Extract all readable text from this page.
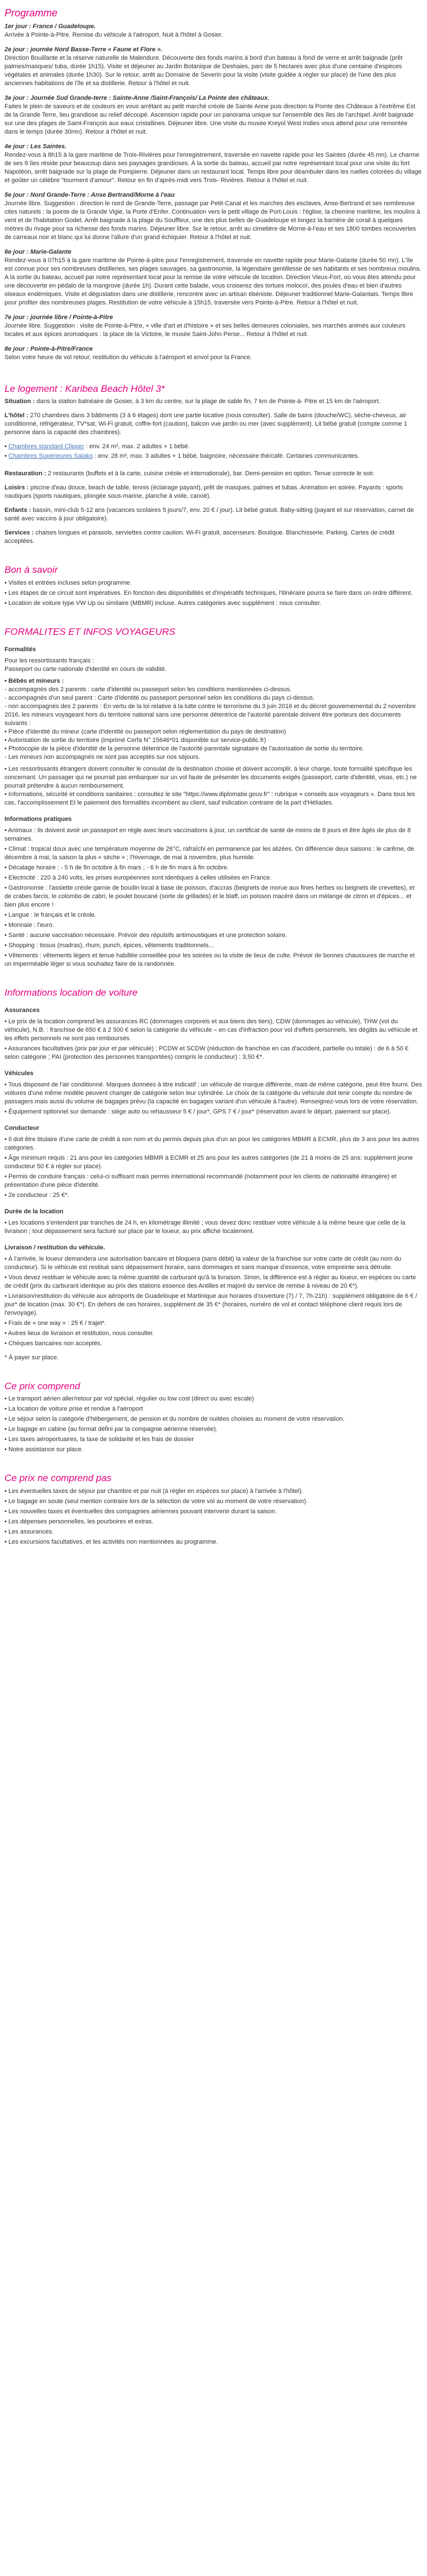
Programme
1er jour : France / Guadeloupe.
Arrivée à Pointe-à-Pitre. Remise du véhicule à l'aéroport. Nuit à l'hôtel à Gosier.
2e jour : journée Nord Basse-Terre « Faune et Flore ».
Direction Bouillante et la réserve naturelle de Malendure. Découverte des fonds marins à bord d'un bateau à fond de verre et arrêt baignade (prêt palmes/masques/ tuba, durée 1h15). Visite et déjeuner au Jardin Botanique de Deshaies, parc de 5 hectares avec plus d'une centaine d'espèces végétales et animales (durée 1h30). Sur le retour, arrêt au Domaine de Severin pour la visite (visite guidée à régler sur place) de l'une des plus anciennes habitations de l'île et sa distillerie. Retour à l'hôtel et nuit.
3e jour : Journée Sud Grande-terre : Sainte-Anne /Saint-François/ La Pointe des châteaux.
Faites le plein de saveurs et de couleurs en vous arrêtant au petit marché créole de Sainte Anne puis direction la Pointe des Châteaux à l'extrême Est de la Grande Terre, lieu grandiose au relief découpé. Ascension rapide pour un panorama unique sur l'ensemble des îles de l'archipel. Arrêt baignade sur une des plages de Saint-François aux eaux cristallines. Déjeuner libre. Une visite du musée Kreyol West Indies vous attend pour une remontée dans le temps (durée 30mn). Retour à l'hôtel et nuit.
4e jour : Les Saintes.
Rendez-vous à 8h15 à la gare maritime de Trois-Rivières pour l'enregistrement, traversée en navette rapide pour les Saintes (durée 45 mn). Le charme de ses 9 îles réside pour beaucoup dans ses paysages grandioses. À la sortie du bateau, accueil par notre représentant local pour une visite du fort Napoléon, arrêt baignade sur la plage de Pompierre. Déjeuner dans un restaurant local. Temps libre pour déambuler dans les ruelles colorées du village et goûter un célèbre "tourment d'amour". Retour en fin d'après-midi vers Trois- Rivières. Retour à l'hôtel et nuit.
5e jour : Nord Grande-Terre : Anse Bertrand/Morne à l'eau
Journée libre. Suggestion : direction le nord de Grande-Terre, passage par Petit-Canal et les marches des esclaves, Anse-Bertrand et ses nombreuse cites naturels : la pointe de la Grande Vigie, la Porte d'Enfer. Continuation vers le petit village de Port-Louis : l'église, la chemine maritime, les moulins à vent et de l'habitation Godet. Arrêt baignade à la plage du Souffleur, une des plus belles de Guadeloupe et longez la barrière de corail à quelques mètres du rivage pour sa richesse des fonds marins. Déjeuner libre. Sur le retour, arrêt au cimetière de Morne-à-l'eau et ses 1800 tombes recouvertes de carreaux noir et blanc qui lui donne l'allure d'un grand échiquier. Retour à l'hôtel et nuit.
6e jour : Marie-Galante
Rendez-vous à 07h15 à la gare maritime de Pointe-à-pitre pour l'enregistrement, traversée en navette rapide pour Marie-Galante (durée 50 mn). L'île est connue pour ses nombreuses distilleries, ses plages sauvages, sa gastronomie, la légendaire gentillesse de ses habitants et ses nombreux moulins. A la sortie du bateau, accueil par notre représentant local pour la remise de votre véhicule de location. Direction Vieux-Fort, où vous êtes attendu pour une découverte en pédalo de la mangrove (durée 1h). Durant cette balade, vous croiserez des tortues molocoï, des poules d'eau et bien d'autres oiseaux endémiques. Visite et dégustation dans une distillerie, rencontre avec un artisan ébéniste. Déjeuner traditionnel Marie-Galantais. Temps libre pour profiter des nombreuses plages. Restitution de votre véhicule à 15h15, traversée vers Pointe-à-Pitre. Retour à l'hôtel et nuit.
7e jour : journée libre / Pointe-à-Pitre
Journée libre. Suggestion : visite de Pointe-à-Pitre, « ville d'art et d'histoire » et ses belles demeures coloniales, ses marchés animés aux couleurs locales et aux épices aromatiques : la place de la Victoire, le musée Saint-John Perse... Retour à l'hôtel et nuit.
8e jour : Pointe-à-Pitre/France
Selon votre heure de vol retour, restitution du véhicule à l'aéroport et envol pour la France.
Le logement : Karibea Beach Hôtel 3*

Situation : dans la station balnéaire de Gosier, à 3 km du centre, sur la plage de sable fin, 7 km de Pointe-à- Pitre et 15 km de l'aéroport.

L'hôtel : 270 chambres dans 3 bâtiments (3 à 6 étages) dont une partie locative (nous consulter). Salle de bains (douche/WC), sèche-cheveux, air conditionné, réfrigérateur, TV*sat, Wi-Fi gratuit, coffre-fort (caution), balcon vue jardin ou mer (avec supplément). Lit bébé gratuit (compte comme 1 personne dans la capacité des chambres).

• Chambres standard Clipper : env. 24 m², max. 2 adultes + 1 bébé.
• Chambres Supérieures Salako : env. 28 m², max. 3 adultes + 1 bébé, baignoire, nécessaire thé/café. Certaines communicantes.

Restauration : 2 restaurants (buffets et à la carte, cuisine créole et internationale), bar. Demi-pension en option. Tenue correcte le soir.

Loisirs : piscine d'eau douce, beach de table, tennis (éclairage payant), prêt de masques, palmes et tubas. Animation en soirée. Payants : sports nautiques (sports nautiques, plongée sous-marine, planche à voile, canoë).

Enfants : bassin, mini-club 5-12 ans (vacances scolaires 5 jours/7, env. 20 € / jour). Lit bébé gratuit. Baby-sitting (payant et sur réservation, carnet de santé avec vaccins à jour obligatoire).

Services : chaises longues et parasols, serviettes contre caution. Wi-Fi gratuit, ascenseurs. Boutique. Blanchisserie. Parking. Cartes de crédit acceptées.

Bon à savoir
• Visites et entrées incluses selon programme.
• Les étapes de ce circuit sont impératives. En fonction des disponibilités et d'impératifs techniques, l'itinéraire pourra se faire dans un ordre différent.
• Location de voiture type VW Up ou similaire (MBMR) incluse. Autres catégories avec supplément : nous consulter.
FORMALITES ET INFOS VOYAGEURS
Formalités
Pour les ressortissants français :
Passeport ou carte nationale d'identité en cours de validité.
• Bébés et mineurs :
- accompagnés des 2 parents : carte d'identité ou passeport selon les conditions mentionnées ci-dessus.
- accompagnés d'un seul parent : Carte d'identité ou passeport personnel selon les conditions du pays ci-dessus.
- non accompagnés des 2 parents : En vertu de la loi relative à la lutte contre le terrorisme du 3 juin 2016 et du décret gouvernemental du 2 novembre 2016, les mineurs voyageant hors du territoire national sans une personne détentrice de l'autorité parentale doivent être porteurs des documents suivants :
• Pièce d'identité du mineur (carte d'identité ou passeport selon réglementation du pays de destination)
• Autorisation de sortie du territoire (imprimé Cerfa N° 15646*01 disponible sur service-public.fr)
• Photocopie de la pièce d'identité de la personne détentrice de l'autorité parentale signataire de l'autorisation de sortie du territoire.
- Les mineurs non accompagnés ne sont pas acceptés sur nos séjours.
• Les ressortissants étrangers doivent consulter le consulat de la destination choisie et doivent accomplir, à leur charge, toute formalité spécifique les concernant. Un passager qui ne pourrait pas embarquer sur un vol faute de présenter les documents exigés (passeport, carte d'identité, visas, etc.) ne pourrait prétendre à aucun remboursement.
• Informations, sécurité et conditions sanitaires : consultez le site "https://www.diplomatie.gouv.fr" : rubrique « conseils aux voyageurs ». Dans tous les cas, l'accomplissement Et le paiement des formalités incombent au client, sauf indication contraire de la part d'Héliades.
Informations pratiques
• Animaux : ils doivent avoir un passeport en règle avec leurs vaccinations à jour, un certificat de santé de moins de 8 jours et être âgés de plus de 8 semaines.
• Climat : tropical doux avec une température moyenne de 26°C, rafraîchi en permanence par les alizées. On différencie deux saisons : le carême, de décembre à mai, la saison la plus « sèche » ; l'hivernage, de mai à novembre, plus humide.
• Décalage horaire : - 5 h de fin octobre à fin mars ; - 6 h de fin mars à fin octobre.
• Electricité : 220 à 240 volts, les prises européennes sont identiques à celles utilisées en France.
• Gastronomie : l'assiette créole garnie de boudin local à base de poisson, d'accras (beignets de morue aux fines herbes ou beignets de crevettes), et de crabes farcis, le colombo de cabri, le poulet boucané (sorte de grillades) et le blaff, un poisson macéré dans un mélange de citron et d'épices... et bien plus encore !
• Langue : le français et le créole.
• Monnaie : l'euro.
• Santé : aucune vaccination nécessaire. Prévoir des répulsifs antimoustiques et une protection solaire.
• Shopping : tissus (madras), rhum, punch, épices, vêtements traditionnels...
• Vêtements : vêtements légers et tenue habillée conseillée pour les soirées ou la visite de lieux de culte. Prévoir de bonnes chaussures de marche et un imperméable léger si vous souhaitez faire de la randonnée.
Informations location de voiture
Assurances
• Le prix de la location comprend les assurances RC (dommages corporels et aux biens des tiers), CDW (dommages au véhicule), THW (vol du véhicule), N.B. : franchise de 650 € à 2 500 € selon la catégorie du véhicule – en cas d'infraction pour vol d'effets personnels, les dégâts au véhicule et les effets personnels ne sont pas remboursés.
• Assurances facultatives (prix par jour et par véhicule) : PCDW et SCDW (réduction de franchise en cas d'accident, partielle ou totale) : de 6 à 50 € selon catégorie ; PAI (protection des personnes transportées) compris le conducteur) : 3,50 €*.
Véhicules
• Tous disposent de l'air conditionné. Marques données à titre indicatif : un véhicule de marque différente, mais de même catégorie, peut être fourni. Des voitures d'une même modèle peuvent changer de catégorie selon leur cylindrée. Le choix de la catégorie du véhicule doit tenir compte du nombre de passagers mais aussi du volume de bagages prévu (la capacité en bagages variant d'un véhicule à l'autre). Renseignez-vous lors de votre réservation.
• Équipement optionnel sur demande : siège auto ou rehausseur 5 € / jour*, GPS 7 € / jour* (réservation avant le départ, paiement sur place).
Conducteur
• Il doit être titulaire d'une carte de crédit à son nom et du permis depuis plus d'un an pour les catégories MBMR à ECMR, plus de 3 ans pour les autres catégories.
• Âge minimum requis : 21 ans pour les catégories MBMR à ECMR et 25 ans pour les autres catégories (de 21 à moins de 25 ans: supplément jeune conducteur 50 € à régler sur place).
• Permis de conduire français : celui-ci suffisant mais permis international recommandé (notamment pour les clients de nationalité étrangère) et présentation d'une pièce d'identité.
• 2e conducteur : 25 €*.
Durée de la location
• Les locations s'entendent par tranches de 24 h, en kilométrage illimité ; vous devez donc restituer votre véhicule à la même heure que celle de la livraison ; tout dépassement sera facturé sur place par le loueur, au prix affiché localement.
Livraison / restitution du véhicule.
• À l'arrivée, le loueur demandera une autorisation bancaire et bloquera (sans débit) la valeur de la franchise sur votre carte de crédit (au nom du conducteur). Si le véhicule est restitué sans dépassement horaire, sans dommages et sans manque d'essence, votre empreinte sera détruite.
• Vous devez restituer le véhicule avec la même quantité de carburant qu'à la livraison. Sinon, la différence est à régler au loueur, en espèces ou carte de crédit (prix du carburant identique au prix des stations essence des Antilles et majoré du service de remise à niveau de 20 €*).
• Livraison/restitution du véhicule aux aéroports de Guadeloupe et Martinique aux horaires d'ouverture (7) / 7, 7h-21h) : supplément obligatoire de 6 € / jour* de location (max. 30 €*). En dehors de ces horaires, supplément de 35 €* (horaires, numéro de vol et contact téléphone client requis lors de l'envoyage).
• Frais de « one way » : 25 € / trajet*.
• Autres lieux de livraison et restitution, nous consulter.
• Chèques bancaires non acceptés.

* À payer sur place.

Ce prix comprend
• Le transport aérien aller/retour par vol spécial, régulier ou low cost (direct ou avec escale)
• La location de voiture prise et rendue à l'aéroport
• Le séjour selon la catégorie d'hébergement, de pension et du nombre de nuitées choisies au moment de votre réservation.
• Le bagage en cabine (au format défini par la compagnie aérienne réservée).
• Les taxes aéroportuaires, la taxe de solidarité et les frais de dossier
• Notre assistance sur place.
Ce prix ne comprend pas
• Les éventuelles taxes de séjour par chambre et par nuit (à régler en espèces sur place) à l'arrivée à l'hôtel).
• Le bagage en soute (seul mention contraire lors de la sélection de votre vol au moment de votre réservation).
• Les nouvelles taxes et éventuelles des compagnies aériennes pouvant intervenir durant la saison.
• Les dépenses personnelles, les pourboires et extras.
• Les assurances.
• Les excursions facultatives, et les activités non mentionnées au programme.
